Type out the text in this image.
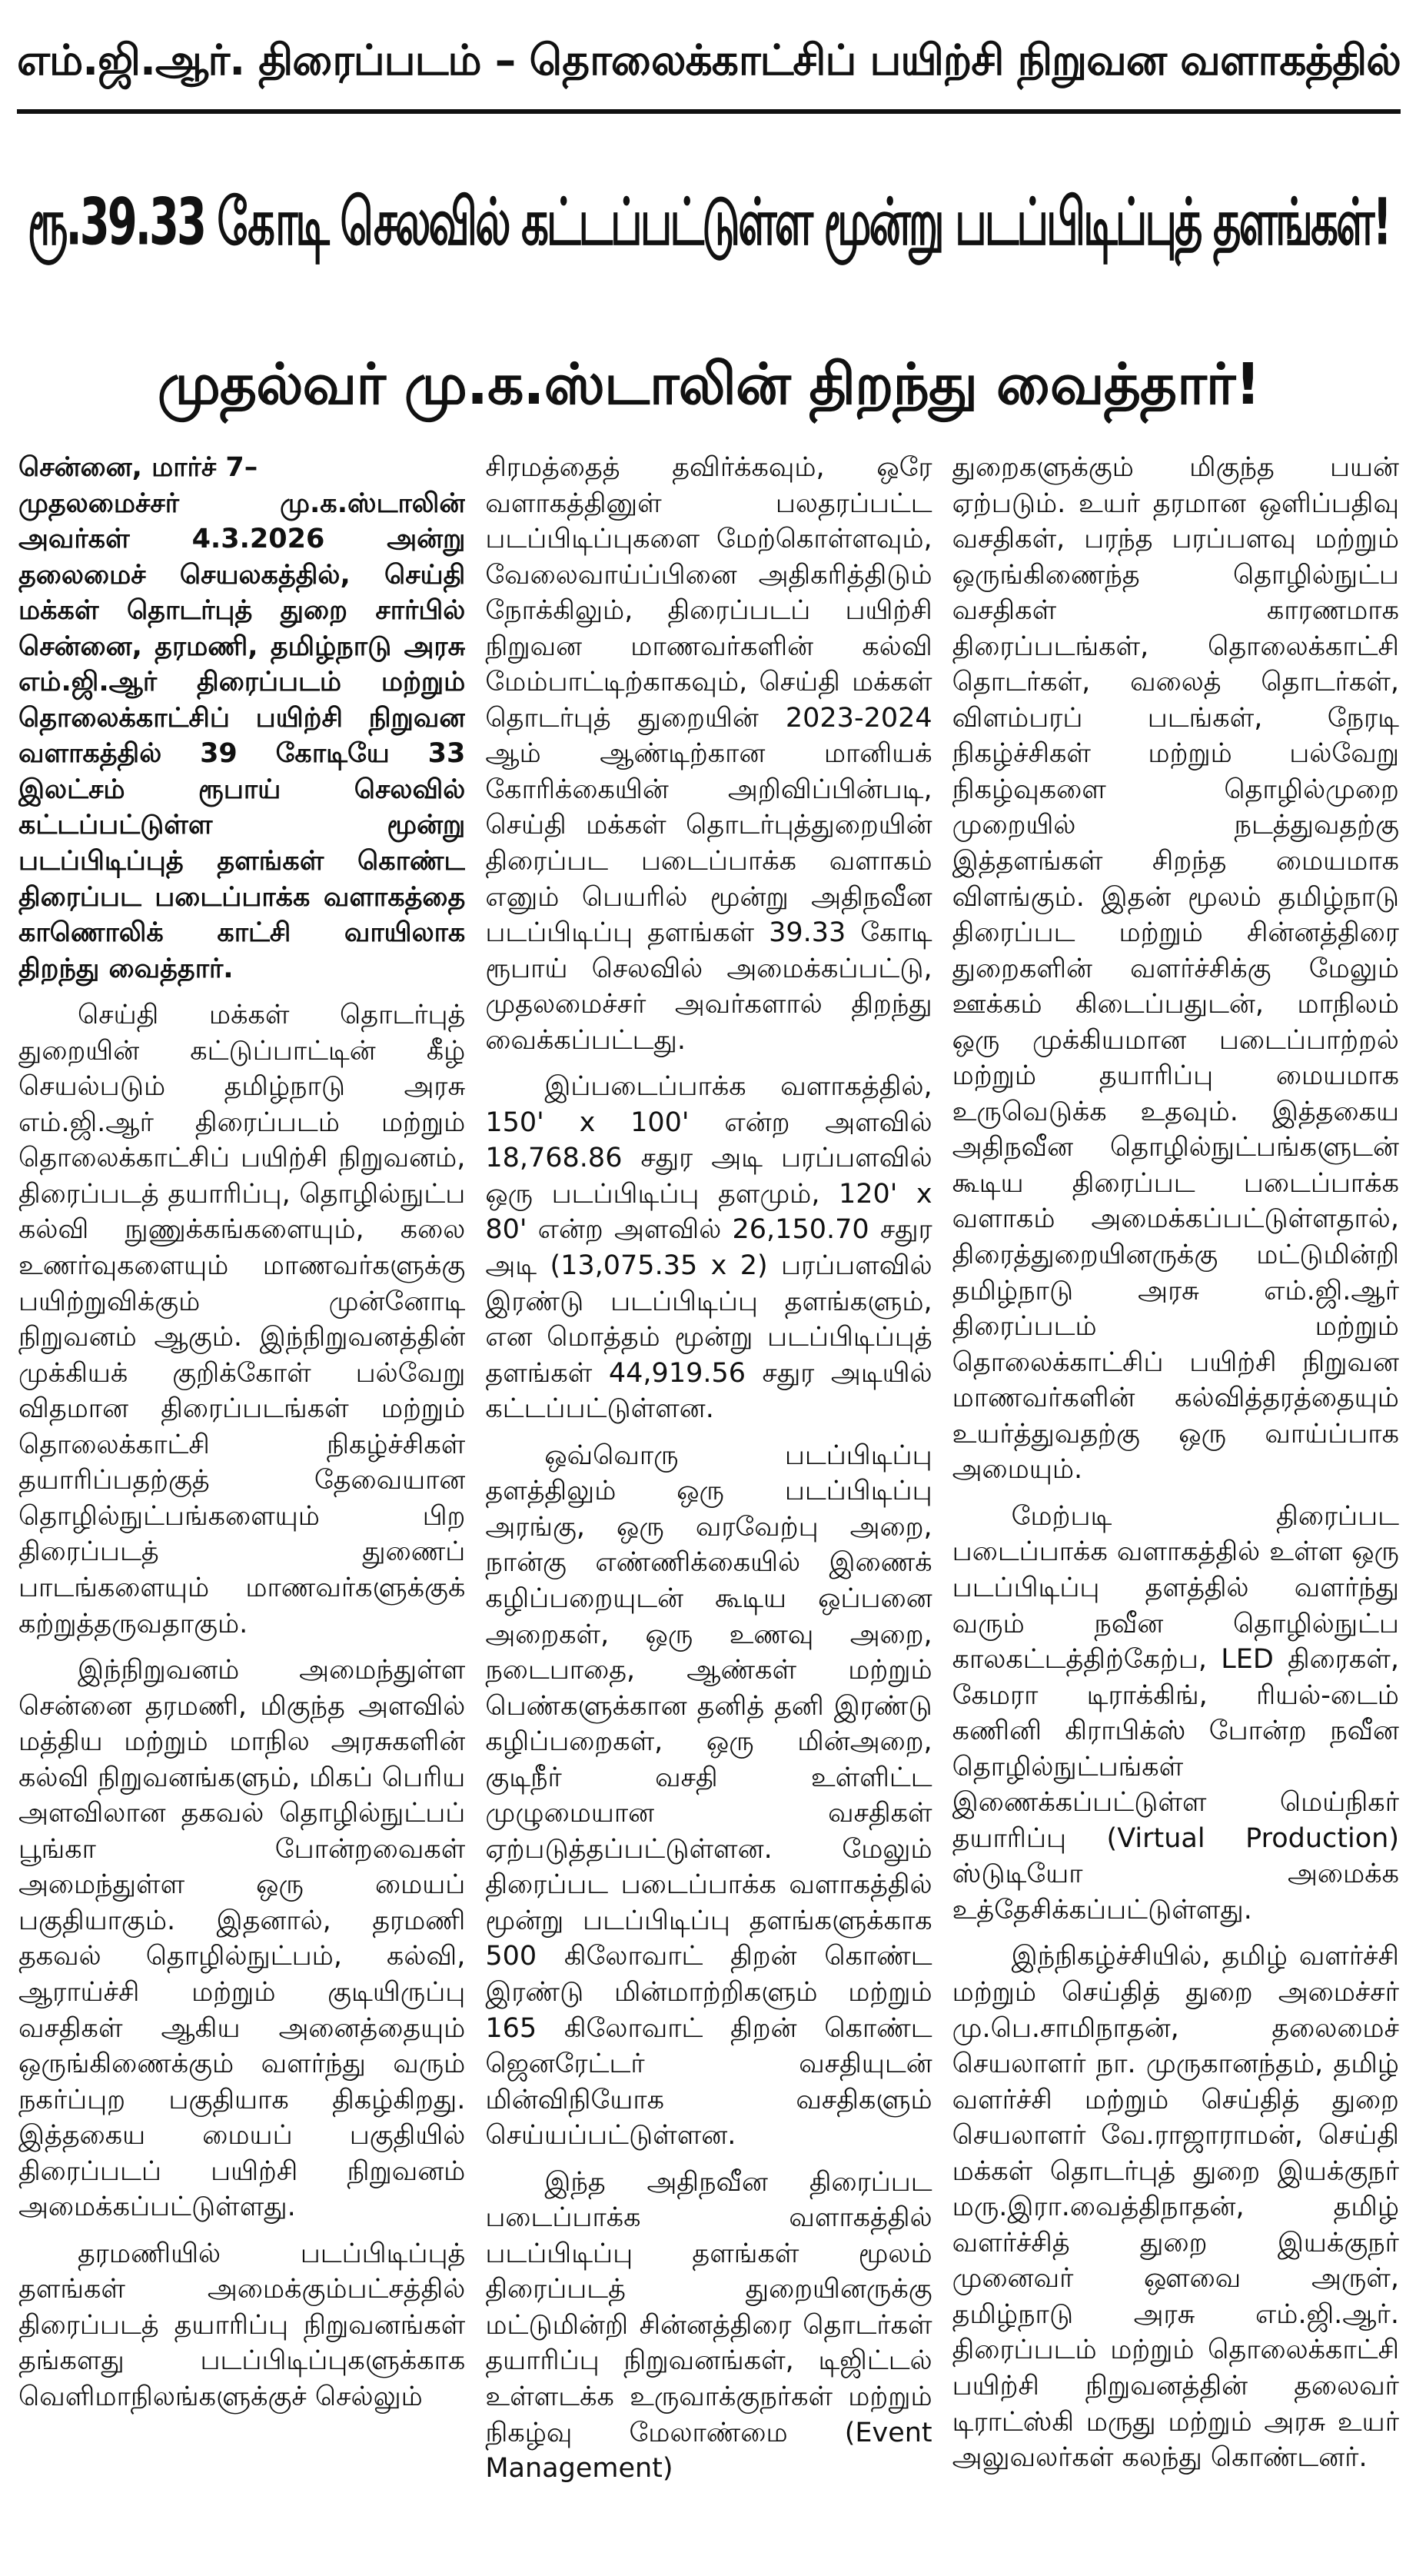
எம்.ஜி.ஆர். திரைப்படம் – தொலைக்காட்சிப் பயிற்சி நிறுவன வளாகத்தில்
ரூ.39.33 கோடி செலவில் கட்டப்பட்டுள்ள மூன்று படப்பிடிப்புத் தளங்கள்!
முதல்வர் மு.க.ஸ்டாலின் திறந்து வைத்தார்!

சென்னை, மார்ச் 7–
முதலமைச்சர் மு.க.ஸ்டாலின் அவர்கள் 4.3.2026 அன்று தலைமைச் செயலகத்தில், செய்தி மக்கள் தொடர்புத் துறை சார்பில் சென்னை, தரமணி, தமிழ்நாடு அரசு எம்.ஜி.ஆர் திரைப்படம் மற்றும் தொலைக்காட்சிப் பயிற்சி நிறுவன வளாகத்தில் 39 கோடியே 33 இலட்சம் ரூபாய் செலவில் கட்டப்பட்டுள்ள மூன்று படப்பிடிப்புத் தளங்கள் கொண்ட திரைப்பட படைப்பாக்க வளாகத்தை காணொலிக் காட்சி வாயிலாக திறந்து வைத்தார்.

செய்தி மக்கள் தொடர்புத் துறையின் கட்டுப்பாட்டின் கீழ் செயல்படும் தமிழ்நாடு அரசு எம்.ஜி.ஆர் திரைப்படம் மற்றும் தொலைக்காட்சிப் பயிற்சி நிறுவனம், திரைப்படத் தயாரிப்பு, தொழில்நுட்ப கல்வி நுணுக்கங்களையும், கலை உணர்வுகளையும் மாணவர்களுக்கு பயிற்றுவிக்கும் முன்னோடி நிறுவனம் ஆகும். இந்நிறுவனத்தின் முக்கியக் குறிக்கோள் பல்வேறு விதமான திரைப்படங்கள் மற்றும் தொலைக்காட்சி நிகழ்ச்சிகள் தயாரிப்பதற்குத் தேவையான தொழில்நுட்பங்களையும் பிற திரைப்படத் துணைப் பாடங்களையும் மாணவர்களுக்குக் கற்றுத்தருவதாகும்.

இந்நிறுவனம் அமைந்துள்ள சென்னை தரமணி, மிகுந்த அளவில் மத்திய மற்றும் மாநில அரசுகளின் கல்வி நிறுவனங்களும், மிகப் பெரிய அளவிலான தகவல் தொழில்நுட்பப் பூங்கா போன்றவைகள் அமைந்துள்ள ஒரு மையப் பகுதியாகும். இதனால், தரமணி தகவல் தொழில்நுட்பம், கல்வி, ஆராய்ச்சி மற்றும் குடியிருப்பு வசதிகள் ஆகிய அனைத்தையும் ஒருங்கிணைக்கும் வளர்ந்து வரும் நகர்ப்புற பகுதியாக திகழ்கிறது. இத்தகைய மையப் பகுதியில் திரைப்படப் பயிற்சி நிறுவனம் அமைக்கப்பட்டுள்ளது.

தரமணியில் படப்பிடிப்புத் தளங்கள் அமைக்கும்பட்சத்தில் திரைப்படத் தயாரிப்பு நிறுவனங்கள் தங்களது படப்பிடிப்புகளுக்காக வெளிமாநிலங்களுக்குச் செல்லும்

சிரமத்தைத் தவிர்க்கவும், ஒரே வளாகத்தினுள் பலதரப்பட்ட படப்பிடிப்புகளை மேற்கொள்ளவும், வேலைவாய்ப்பினை அதிகரித்திடும் நோக்கிலும், திரைப்படப் பயிற்சி நிறுவன மாணவர்களின் கல்வி மேம்பாட்டிற்காகவும், செய்தி மக்கள் தொடர்புத் துறையின் 2023-2024 ஆம் ஆண்டிற்கான மானியக் கோரிக்கையின் அறிவிப்பின்படி, செய்தி மக்கள் தொடர்புத்துறையின் திரைப்பட படைப்பாக்க வளாகம் எனும் பெயரில் மூன்று அதிநவீன படப்பிடிப்பு தளங்கள் 39.33 கோடி ரூபாய் செலவில் அமைக்கப்பட்டு, முதலமைச்சர் அவர்களால் திறந்து வைக்கப்பட்டது.

இப்படைப்பாக்க வளாகத்தில், 150' x 100' என்ற அளவில் 18,768.86 சதுர அடி பரப்பளவில் ஒரு படப்பிடிப்பு தளமும், 120' x 80' என்ற அளவில் 26,150.70 சதுர அடி (13,075.35 x 2) பரப்பளவில் இரண்டு படப்பிடிப்பு தளங்களும், என மொத்தம் மூன்று படப்பிடிப்புத் தளங்கள் 44,919.56 சதுர அடியில் கட்டப்பட்டுள்ளன.

ஒவ்வொரு படப்பிடிப்பு தளத்திலும் ஒரு படப்பிடிப்பு அரங்கு, ஒரு வரவேற்பு அறை, நான்கு எண்ணிக்கையில் இணைக் கழிப்பறையுடன் கூடிய ஒப்பனை அறைகள், ஒரு உணவு அறை, நடைபாதை, ஆண்கள் மற்றும் பெண்களுக்கான தனித் தனி இரண்டு கழிப்பறைகள், ஒரு மின்அறை, குடிநீர் வசதி உள்ளிட்ட முழுமையான வசதிகள் ஏற்படுத்தப்பட்டுள்ளன. மேலும் திரைப்பட படைப்பாக்க வளாகத்தில் மூன்று படப்பிடிப்பு தளங்களுக்காக 500 கிலோவாட் திறன் கொண்ட இரண்டு மின்மாற்றிகளும் மற்றும் 165 கிலோவாட் திறன் கொண்ட ஜெனரேட்டர் வசதியுடன் மின்விநியோக வசதிகளும் செய்யப்பட்டுள்ளன.

இந்த அதிநவீன திரைப்பட படைப்பாக்க வளாகத்தில் படப்பிடிப்பு தளங்கள் மூலம் திரைப்படத் துறையினருக்கு மட்டுமின்றி சின்னத்திரை தொடர்கள் தயாரிப்பு நிறுவனங்கள், டிஜிட்டல் உள்ளடக்க உருவாக்குநர்கள் மற்றும் நிகழ்வு மேலாண்மை (Event Management)

துறைகளுக்கும் மிகுந்த பயன் ஏற்படும். உயர் தரமான ஒளிப்பதிவு வசதிகள், பரந்த பரப்பளவு மற்றும் ஒருங்கிணைந்த தொழில்நுட்ப வசதிகள் காரணமாக திரைப்படங்கள், தொலைக்காட்சி தொடர்கள், வலைத் தொடர்கள், விளம்பரப் படங்கள், நேரடி நிகழ்ச்சிகள் மற்றும் பல்வேறு நிகழ்வுகளை தொழில்முறை முறையில் நடத்துவதற்கு இத்தளங்கள் சிறந்த மையமாக விளங்கும். இதன் மூலம் தமிழ்நாடு திரைப்பட மற்றும் சின்னத்திரை துறைகளின் வளர்ச்சிக்கு மேலும் ஊக்கம் கிடைப்பதுடன், மாநிலம் ஒரு முக்கியமான படைப்பாற்றல் மற்றும் தயாரிப்பு மையமாக உருவெடுக்க உதவும். இத்தகைய அதிநவீன தொழில்நுட்பங்களுடன் கூடிய திரைப்பட படைப்பாக்க வளாகம் அமைக்கப்பட்டுள்ளதால், திரைத்துறையினருக்கு மட்டுமின்றி தமிழ்நாடு அரசு எம்.ஜி.ஆர் திரைப்படம் மற்றும் தொலைக்காட்சிப் பயிற்சி நிறுவன மாணவர்களின் கல்வித்தரத்தையும் உயர்த்துவதற்கு ஒரு வாய்ப்பாக அமையும்.

மேற்படி திரைப்பட படைப்பாக்க வளாகத்தில் உள்ள ஒரு படப்பிடிப்பு தளத்தில் வளர்ந்து வரும் நவீன தொழில்நுட்ப காலகட்டத்திற்கேற்ப, LED திரைகள், கேமரா டிராக்கிங், ரியல்-டைம் கணினி கிராபிக்ஸ் போன்ற நவீன தொழில்நுட்பங்கள் இணைக்கப்பட்டுள்ள மெய்நிகர் தயாரிப்பு (Virtual Production) ஸ்டுடியோ அமைக்க உத்தேசிக்கப்பட்டுள்ளது.

இந்நிகழ்ச்சியில், தமிழ் வளர்ச்சி மற்றும் செய்தித் துறை அமைச்சர் மு.பெ.சாமிநாதன், தலைமைச் செயலாளர் நா. முருகானந்தம், தமிழ் வளர்ச்சி மற்றும் செய்தித் துறை செயலாளர் வே.ராஜாராமன், செய்தி மக்கள் தொடர்புத் துறை இயக்குநர் மரு.இரா.வைத்திநாதன், தமிழ் வளர்ச்சித் துறை இயக்குநர் முனைவர் ஔவை அருள், தமிழ்நாடு அரசு எம்.ஜி.ஆர். திரைப்படம் மற்றும் தொலைக்காட்சி பயிற்சி நிறுவனத்தின் தலைவர் டிராட்ஸ்கி மருது மற்றும் அரசு உயர் அலுவலர்கள் கலந்து கொண்டனர்.
